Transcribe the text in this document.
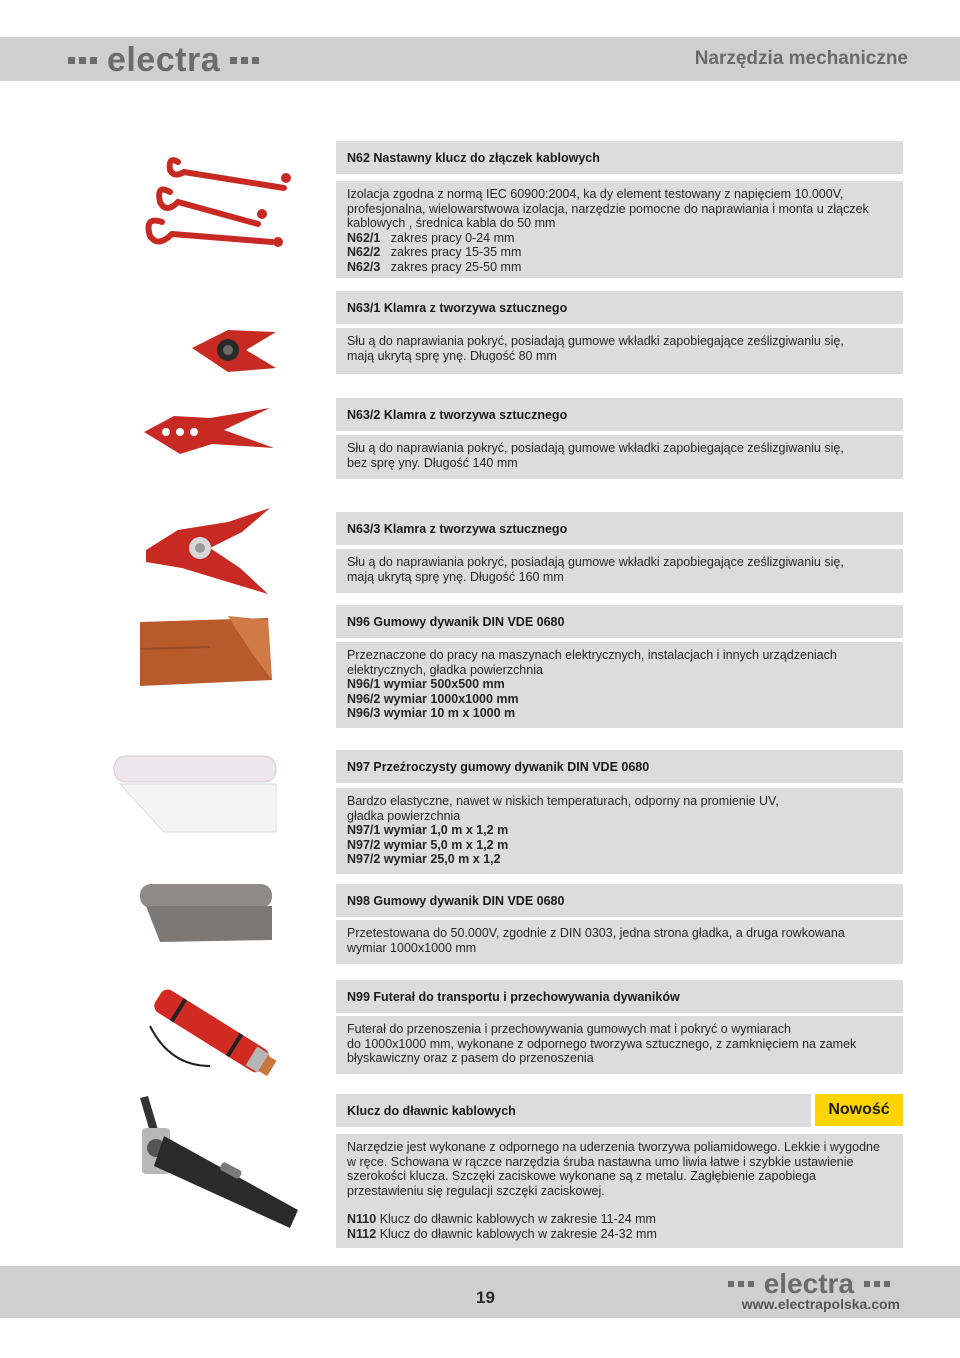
electra	Narzędzia mechaniczne
N62 Nastawny klucz do złączek kablowych
Izolacja zgodna z normą IEC 60900:2004, ka dy element testowany z napięciem 10.000V,
profesjonalna, wielowarstwowa izolacja, narzędzie pomocne do naprawiania i monta u złączek
kablowych , średnica kabla do 50 mm
N62/1 zakres pracy 0-24 mm
N62/2 zakres pracy 15-35 mm
N62/3 zakres pracy 25-50 mm
N63/1 Klamra z tworzywa sztucznego
Słu ą do naprawiania pokryć, posiadają gumowe wkładki zapobiegające ześlizgiwaniu się,
mają ukrytą sprę ynę. Długość 80 mm
N63/2 Klamra z tworzywa sztucznego
Słu ą do naprawiania pokryć, posiadają gumowe wkładki zapobiegające ześlizgiwaniu się,
bez sprę yny. Długość 140 mm
N63/3 Klamra z tworzywa sztucznego
Słu ą do naprawiania pokryć, posiadają gumowe wkładki zapobiegające ześlizgiwaniu się,
mają ukrytą sprę ynę. Długość 160 mm
N96 Gumowy dywanik DIN VDE 0680
Przeznaczone do pracy na maszynach elektrycznych, instalacjach i innych urządzeniach
elektrycznych, gładka powierzchnia
N96/1 wymiar 500x500 mm
N96/2 wymiar 1000x1000 mm
N96/3 wymiar 10 m x 1000 m
N97 Przeźroczysty gumowy dywanik DIN VDE 0680
Bardzo elastyczne, nawet w niskich temperaturach, odporny na promienie UV,
gładka powierzchnia
N97/1 wymiar 1,0 m x 1,2 m
N97/2 wymiar 5,0 m x 1,2 m
N97/2 wymiar 25,0 m x 1,2
N98 Gumowy dywanik DIN VDE 0680
Przetestowana do 50.000V, zgodnie z DIN 0303, jedna strona gładka, a druga rowkowana
wymiar 1000x1000 mm
N99 Futerał do transportu i przechowywania dywaników
Futerał do przenoszenia i przechowywania gumowych mat i pokryć o wymiarach
do 1000x1000 mm, wykonane z odpornego tworzywa sztucznego, z zamknięciem na zamek
błyskawiczny oraz z pasem do przenoszenia
Klucz do dławnic kablowych	Nowość
Narzędzie jest wykonane z odpornego na uderzenia tworzywa poliamidowego. Lekkie i wygodne
w ręce. Schowana w rączce narzędzia śruba nastawna umo liwia łatwe i szybkie ustawienie
szerokości klucza. Szczęki zaciskowe wykonane są z metalu. Zagłębienie zapobiega
przestawieniu się regulacji szczęki zaciskowej.
N110 Klucz do dławnic kablowych w zakresie 11-24 mm
N112 Klucz do dławnic kablowych w zakresie 24-32 mm
19	electra
www.electrapolska.com
